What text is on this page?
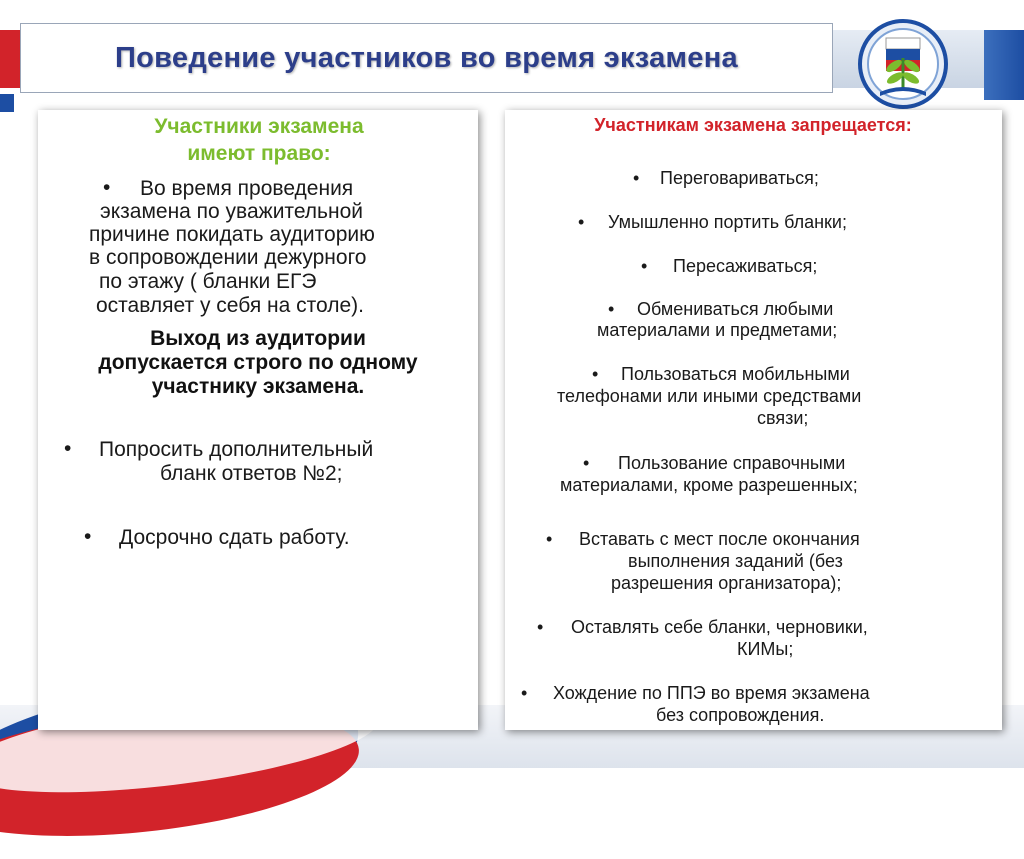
Поведение участников во время экзамена
Участники экзамена
имеют право:
• Во время проведения
экзамена по уважительной
причине покидать аудиторию
в сопровождении дежурного
по этажу ( бланки ЕГЭ
оставляет у себя на столе).
Выход из аудитории
допускается строго по одному
участнику экзамена.
• Попросить дополнительный
бланк ответов №2;
• Досрочно сдать работу.
Участникам экзамена запрещается:
• Переговариваться;
• Умышленно портить бланки;
• Пересаживаться;
• Обмениваться любыми
материалами и предметами;
• Пользоваться мобильными
телефонами или иными средствами
связи;
• Пользование справочными
материалами, кроме разрешенных;
• Вставать с мест после окончания
выполнения заданий (без
разрешения организатора);
• Оставлять себе бланки, черновики,
КИМы;
• Хождение по ППЭ во время экзамена
без сопровождения.
